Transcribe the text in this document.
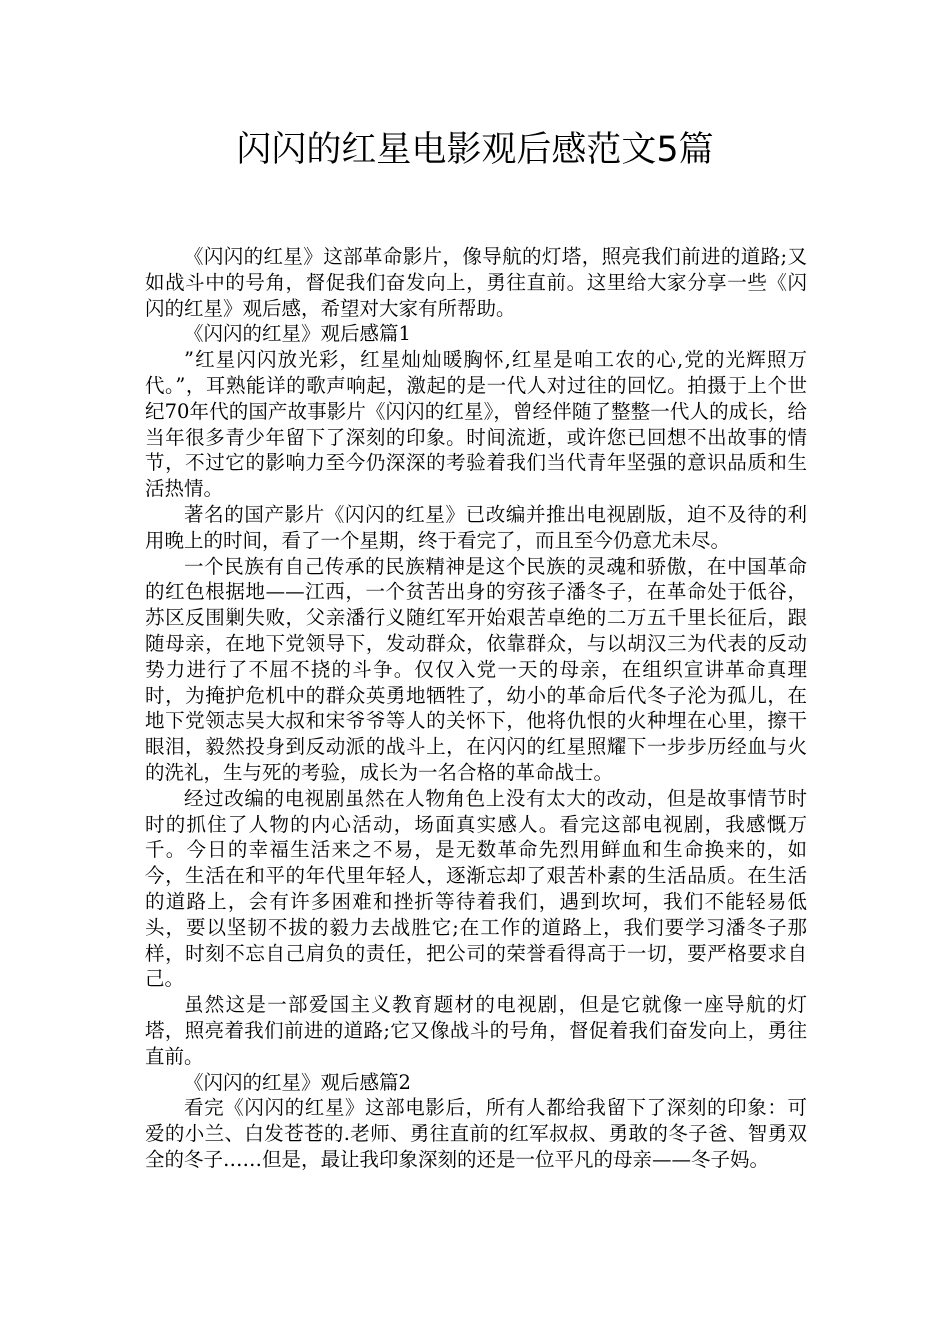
闪闪的红星电影观后感范文5篇

《闪闪的红星》这部革命影片，像导航的灯塔，照亮我们前进的道路;又如战斗中的号角，督促我们奋发向上，勇往直前。这里给大家分享一些《闪闪的红星》观后感，希望对大家有所帮助。

《闪闪的红星》观后感篇1

”红星闪闪放光彩，红星灿灿暖胸怀,红星是咱工农的心,党的光辉照万代。”，耳熟能详的歌声响起，激起的是一代人对过往的回忆。拍摄于上个世纪70年代的国产故事影片《闪闪的红星》，曾经伴随了整整一代人的成长，给当年很多青少年留下了深刻的印象。时间流逝，或许您已回想不出故事的情节，不过它的影响力至今仍深深的考验着我们当代青年坚强的意识品质和生活热情。

著名的国产影片《闪闪的红星》已改编并推出电视剧版，迫不及待的利用晚上的时间，看了一个星期，终于看完了，而且至今仍意尤未尽。

一个民族有自己传承的民族精神是这个民族的灵魂和骄傲，在中国革命的红色根据地——江西，一个贫苦出身的穷孩子潘冬子，在革命处于低谷，苏区反围剿失败，父亲潘行义随红军开始艰苦卓绝的二万五千里长征后，跟随母亲，在地下党领导下，发动群众，依靠群众，与以胡汉三为代表的反动势力进行了不屈不挠的斗争。仅仅入党一天的母亲，在组织宣讲革命真理时，为掩护危机中的群众英勇地牺牲了，幼小的革命后代冬子沦为孤儿，在地下党领志吴大叔和宋爷爷等人的关怀下，他将仇恨的火种埋在心里，擦干眼泪，毅然投身到反动派的战斗上，在闪闪的红星照耀下一步步历经血与火的洗礼，生与死的考验，成长为一名合格的革命战士。

经过改编的电视剧虽然在人物角色上没有太大的改动，但是故事情节时时的抓住了人物的内心活动，场面真实感人。看完这部电视剧，我感慨万千。今日的幸福生活来之不易，是无数革命先烈用鲜血和生命换来的，如今，生活在和平的年代里年轻人，逐渐忘却了艰苦朴素的生活品质。在生活的道路上，会有许多困难和挫折等待着我们，遇到坎坷，我们不能轻易低头，要以坚韧不拔的毅力去战胜它;在工作的道路上，我们要学习潘冬子那样，时刻不忘自己肩负的责任，把公司的荣誉看得高于一切，要严格要求自己。

虽然这是一部爱国主义教育题材的电视剧，但是它就像一座导航的灯塔，照亮着我们前进的道路;它又像战斗的号角，督促着我们奋发向上，勇往直前。

《闪闪的红星》观后感篇2

看完《闪闪的红星》这部电影后，所有人都给我留下了深刻的印象：可爱的小兰、白发苍苍的.老师、勇往直前的红军叔叔、勇敢的冬子爸、智勇双全的冬子……但是，最让我印象深刻的还是一位平凡的母亲——冬子妈。
